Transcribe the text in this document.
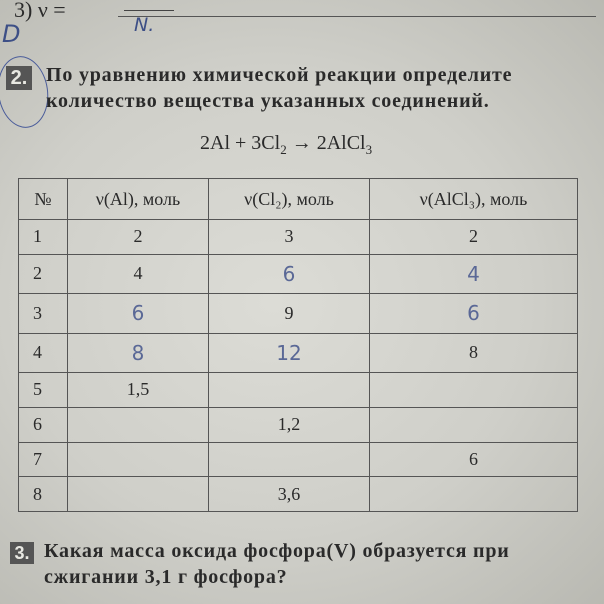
3) ν =
N.
D
2. По уравнению химической реакции определите количество вещества указанных соединений.
$2Al + 3Cl_2$ → 2AlCl$_3$
№	ν(Al), моль	ν(Cl₂), моль	ν(AlCl₃), моль
1	2	3	2
2	4	6	4
3	6	9	6
4	8	12	8
5	1,5		
6		1,2	
7			6
8		3,6	
3. Какая масса оксида фосфора(V) образуется при сжигании 3,1 г фосфора?
